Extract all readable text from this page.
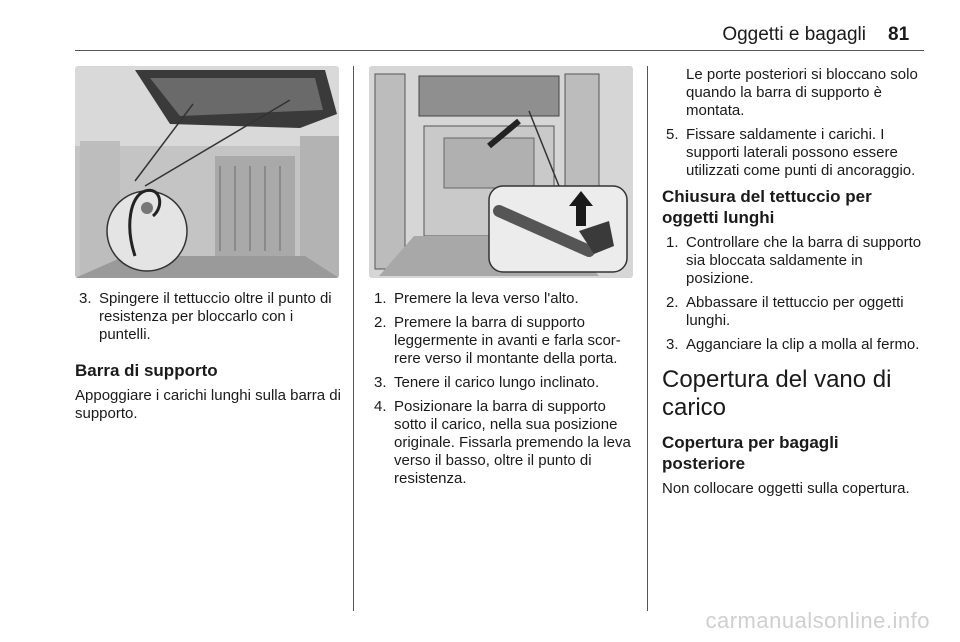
Oggetti e bagagli 81
3. Spingere il tettuccio oltre il punto di resistenza per bloccarlo con i puntelli.
Barra di supporto

Appoggiare i carichi lunghi sulla barra di supporto.

1. Premere la leva verso l'alto.
2. Premere la barra di supporto leggermente in avanti e farla scorrere verso il montante della porta.
3. Tenere il carico lungo inclinato.
4. Posizionare la barra di supporto sotto il carico, nella sua posizione originale. Fissarla premendo la leva verso il basso, oltre il punto di resistenza.

Le porte posteriori si bloccano solo quando la barra di supporto è montata.

5. Fissare saldamente i carichi. I supporti laterali possono essere utilizzati come punti di ancoraggio.
Chiusura del tettuccio per oggetti lunghi
1. Controllare che la barra di supporto sia bloccata saldamente in posizione.
2. Abbassare il tettuccio per oggetti lunghi.
3. Agganciare la clip a molla al fermo.
Copertura del vano di carico
Copertura per bagagli posteriore

Non collocare oggetti sulla copertura.

carmanualsonline.info
